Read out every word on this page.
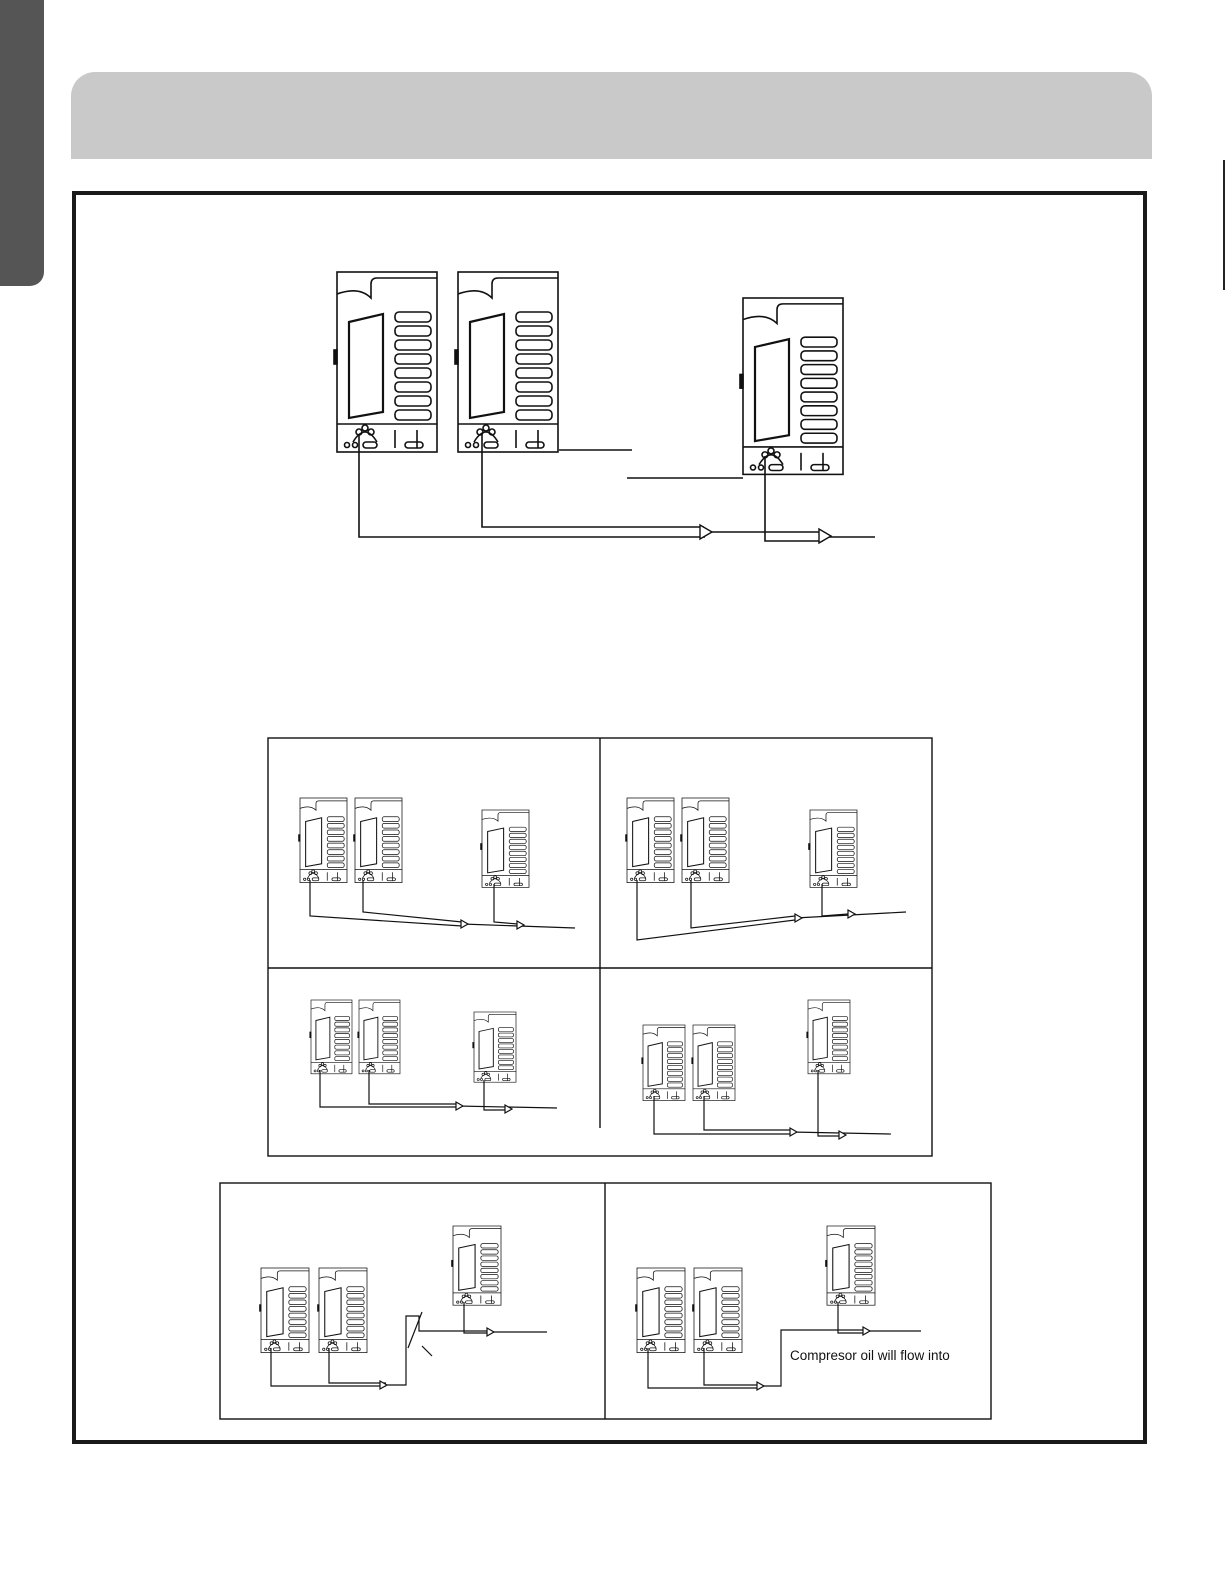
Compresor oil will flow into
